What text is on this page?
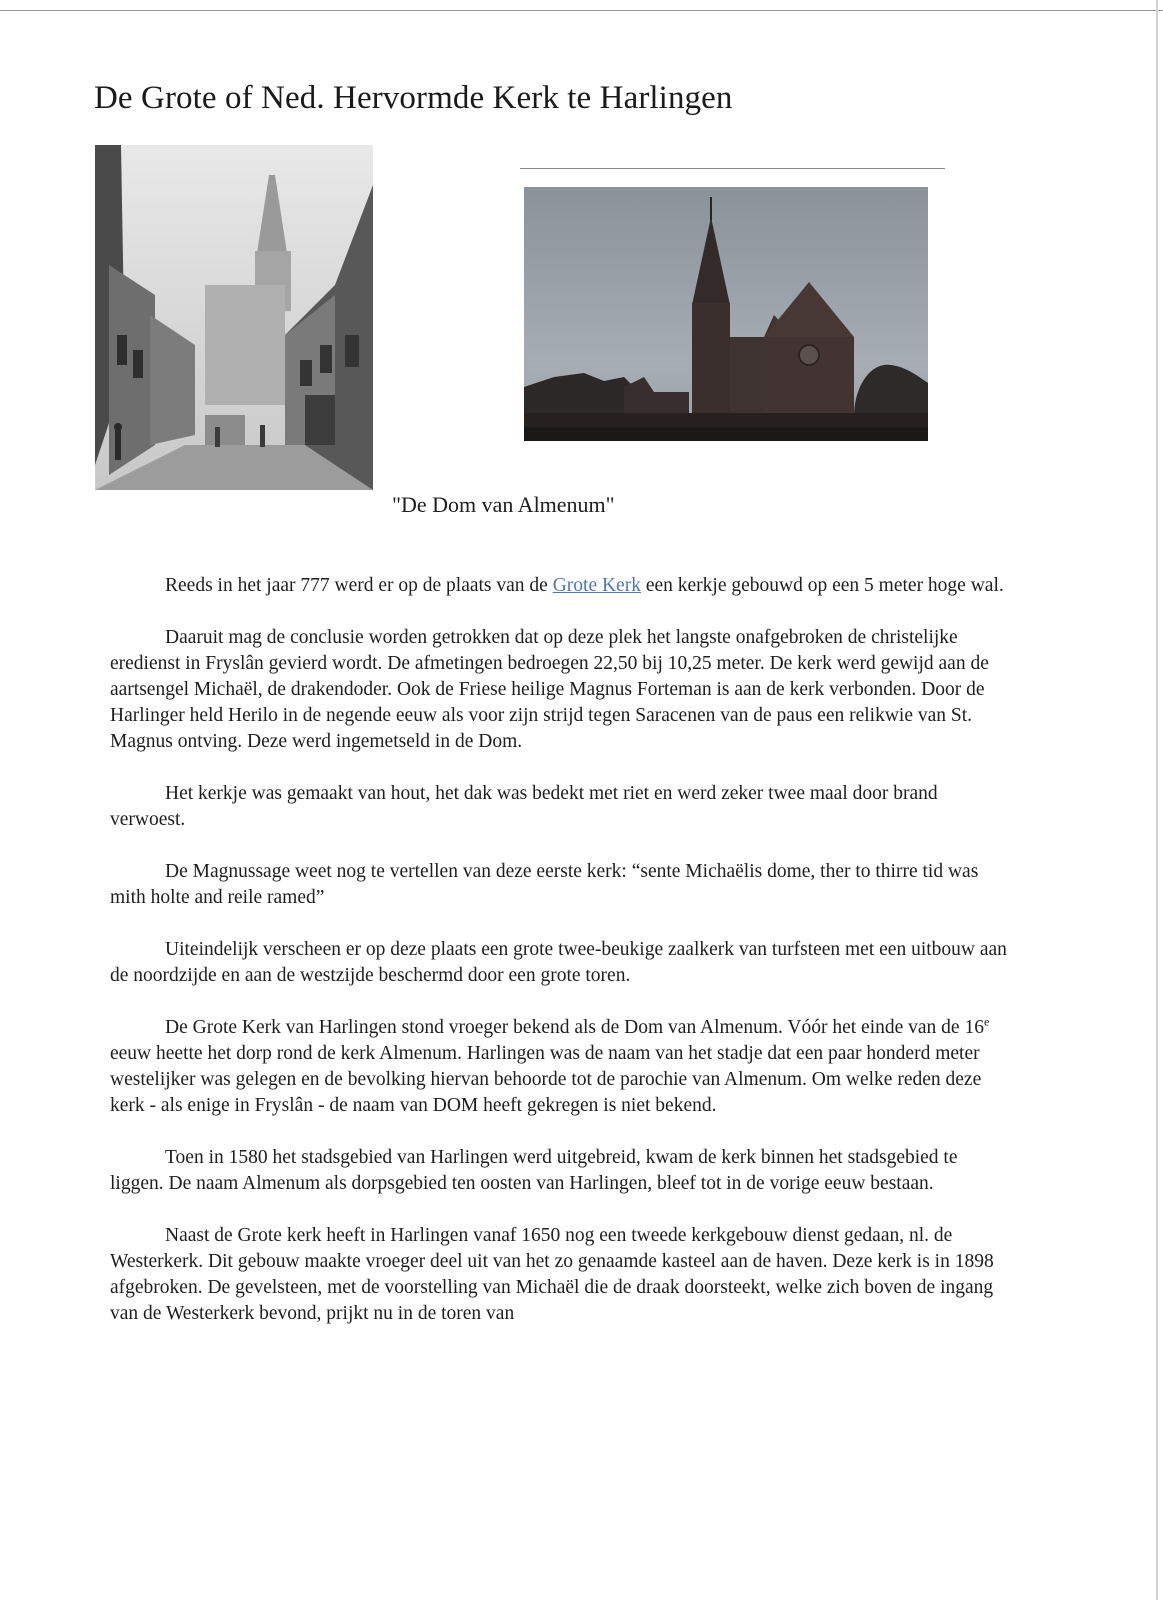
De Grote of Ned. Hervormde Kerk te Harlingen
"De Dom van Almenum"

Reeds in het jaar 777 werd er op de plaats van de Grote Kerk een kerkje gebouwd op een 5 meter hoge wal.

Daaruit mag de conclusie worden getrokken dat op deze plek het langste onafgebroken de christelijke eredienst in Fryslân gevierd wordt. De afmetingen bedroegen 22,50 bij 10,25 meter. De kerk werd gewijd aan de aartsengel Michaël, de drakendoder. Ook de Friese heilige Magnus Forteman is aan de kerk verbonden. Door de Harlinger held Herilo in de negende eeuw als voor zijn strijd tegen Saracenen van de paus een relikwie van St. Magnus ontving. Deze werd ingemetseld in de Dom.

Het kerkje was gemaakt van hout, het dak was bedekt met riet en werd zeker twee maal door brand verwoest.

De Magnussage weet nog te vertellen van deze eerste kerk: “sente Michaëlis dome, ther to thirre tid was mith holte and reile ramed”

Uiteindelijk verscheen er op deze plaats een grote twee-beukige zaalkerk van turfsteen met een uitbouw aan de noordzijde en aan de westzijde beschermd door een grote toren.

De Grote Kerk van Harlingen stond vroeger bekend als de Dom van Almenum. Vóór het einde van de 16e eeuw heette het dorp rond de kerk Almenum. Harlingen was de naam van het stadje dat een paar honderd meter westelijker was gelegen en de bevolking hiervan behoorde tot de parochie van Almenum. Om welke reden deze kerk - als enige in Fryslân - de naam van DOM heeft gekregen is niet bekend.

Toen in 1580 het stadsgebied van Harlingen werd uitgebreid, kwam de kerk binnen het stadsgebied te liggen. De naam Almenum als dorpsgebied ten oosten van Harlingen, bleef tot in de vorige eeuw bestaan.

Naast de Grote kerk heeft in Harlingen vanaf 1650 nog een tweede kerkgebouw dienst gedaan, nl. de Westerkerk. Dit gebouw maakte vroeger deel uit van het zo genaamde kasteel aan de haven. Deze kerk is in 1898 afgebroken. De gevelsteen, met de voorstelling van Michaël die de draak doorsteekt, welke zich boven de ingang van de Westerkerk bevond, prijkt nu in de toren van
